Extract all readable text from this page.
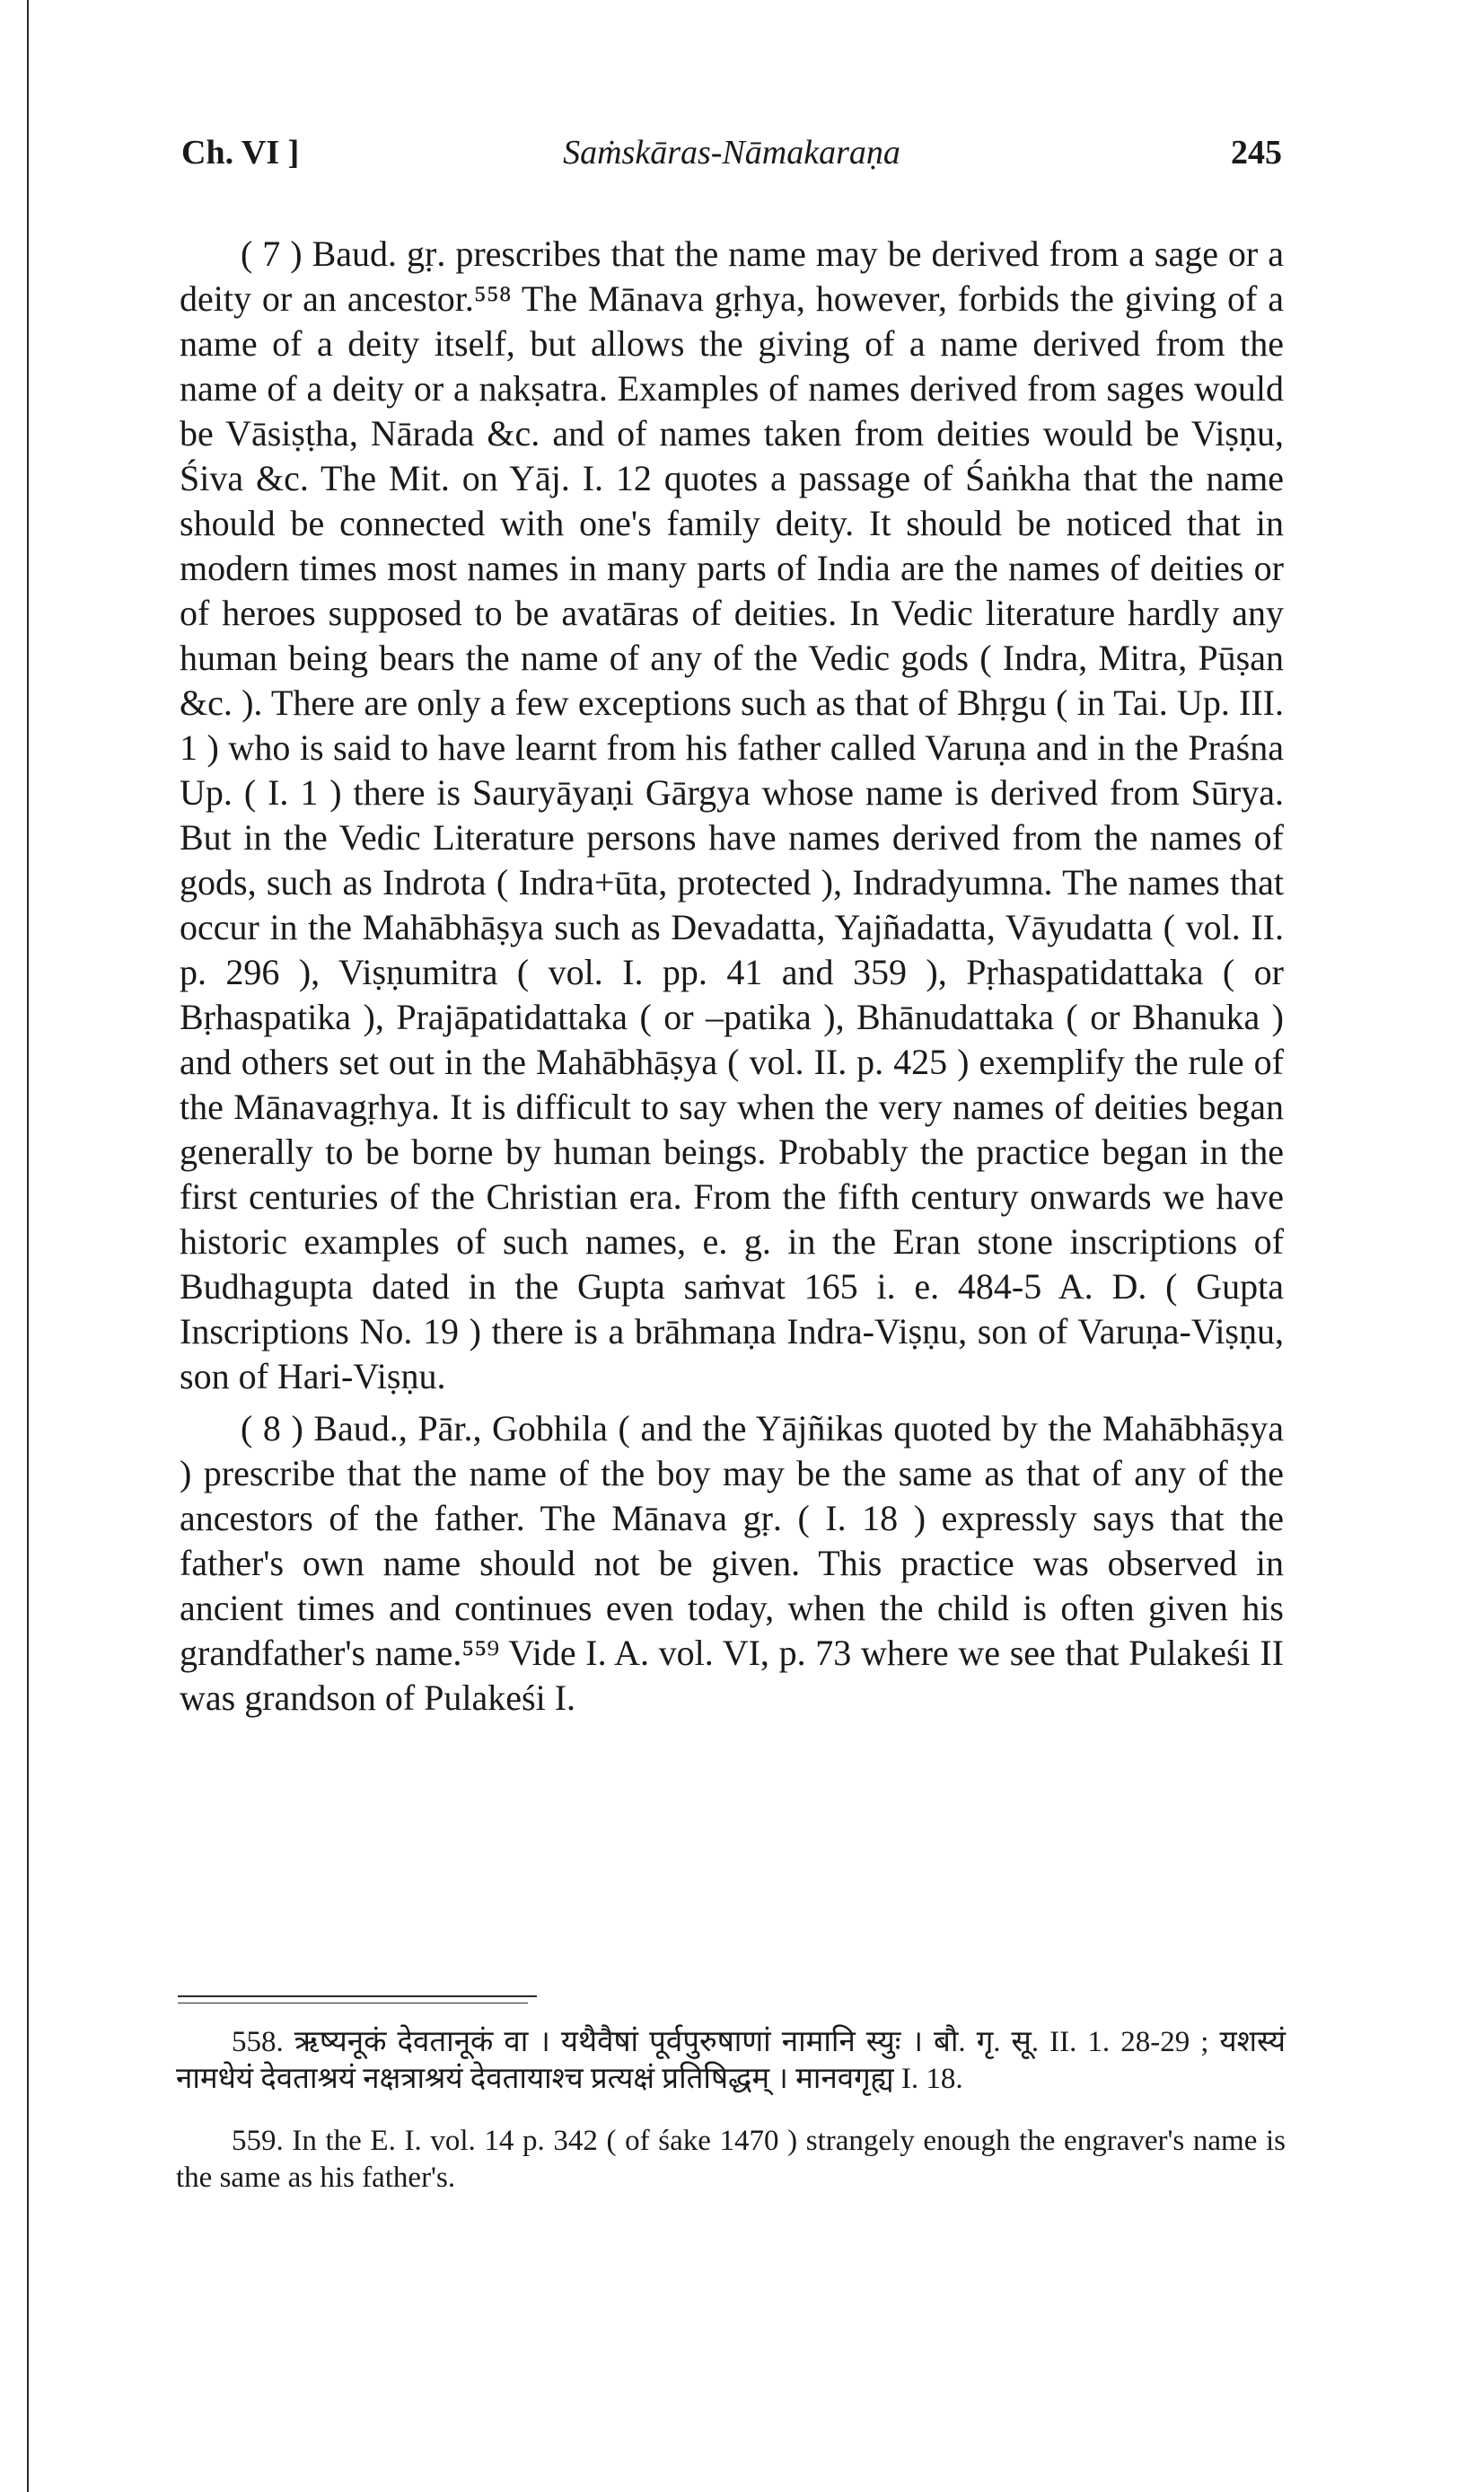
Ch. VI ]	Saṁskāras-Nāmakaraṇa	245

( 7 ) Baud. gṛ. prescribes that the name may be derived from a sage or a deity or an ancestor.⁵⁵⁸ The Mānava gṛhya, however, forbids the giving of a name of a deity itself, but allows the giving of a name derived from the name of a deity or a nakṣatra. Examples of names derived from sages would be Vāsiṣṭha, Nārada &c. and of names taken from deities would be Viṣṇu, Śiva &c. The Mit. on Yāj. I. 12 quotes a passage of Śaṅkha that the name should be connected with one's family deity. It should be noticed that in modern times most names in many parts of India are the names of deities or of heroes supposed to be avatāras of deities. In Vedic literature hardly any human being bears the name of any of the Vedic gods ( Indra, Mitra, Pūṣan &c. ). There are only a few exceptions such as that of Bhṛgu ( in Tai. Up. III. 1 ) who is said to have learnt from his father called Varuṇa and in the Praśna Up. ( I. 1 ) there is Sauryāyaṇi Gārgya whose name is derived from Sūrya. But in the Vedic Literature persons have names derived from the names of gods, such as Indrota ( Indra+ūta, protected ), Indradyumna. The names that occur in the Mahābhāṣya such as Devadatta, Yajñadatta, Vāyudatta ( vol. II. p. 296 ), Viṣṇumitra ( vol. I. pp. 41 and 359 ), Pṛhaspatidattaka ( or Bṛhaspatika ), Prajāpatidattaka ( or –patika ), Bhānudattaka ( or Bhanuka ) and others set out in the Mahābhāṣya ( vol. II. p. 425 ) exemplify the rule of the Mānavagṛhya. It is difficult to say when the very names of deities began generally to be borne by human beings. Probably the practice began in the first centuries of the Christian era. From the fifth century onwards we have historic examples of such names, e. g. in the Eran stone inscriptions of Budhagupta dated in the Gupta saṁvat 165 i. e. 484-5 A. D. ( Gupta Inscriptions No. 19 ) there is a brāhmaṇa Indra-Viṣṇu, son of Varuṇa-Viṣṇu, son of Hari-Viṣṇu.

( 8 ) Baud., Pār., Gobhila ( and the Yājñikas quoted by the Mahābhāṣya ) prescribe that the name of the boy may be the same as that of any of the ancestors of the father. The Mānava gṛ. ( I. 18 ) expressly says that the father's own name should not be given. This practice was observed in ancient times and continues even today, when the child is often given his grandfather's name.⁵⁵⁹ Vide I. A. vol. VI, p. 73 where we see that Pulakeśi II was grandson of Pulakeśi I.

558. ऋष्यनूकं देवतानूकं वा । यथैवैषां पूर्वपुरुषाणां नामानि स्युः । बौ. गृ. सू. II. 1. 28-29 ; यशस्यं नामधेयं देवताश्रयं नक्षत्राश्रयं देवतायाश्च प्रत्यक्षं प्रतिषिद्धम् । मानवगृह्य I. 18.

559. In the E. I. vol. 14 p. 342 ( of śake 1470 ) strangely enough the engraver's name is the same as his father's.
